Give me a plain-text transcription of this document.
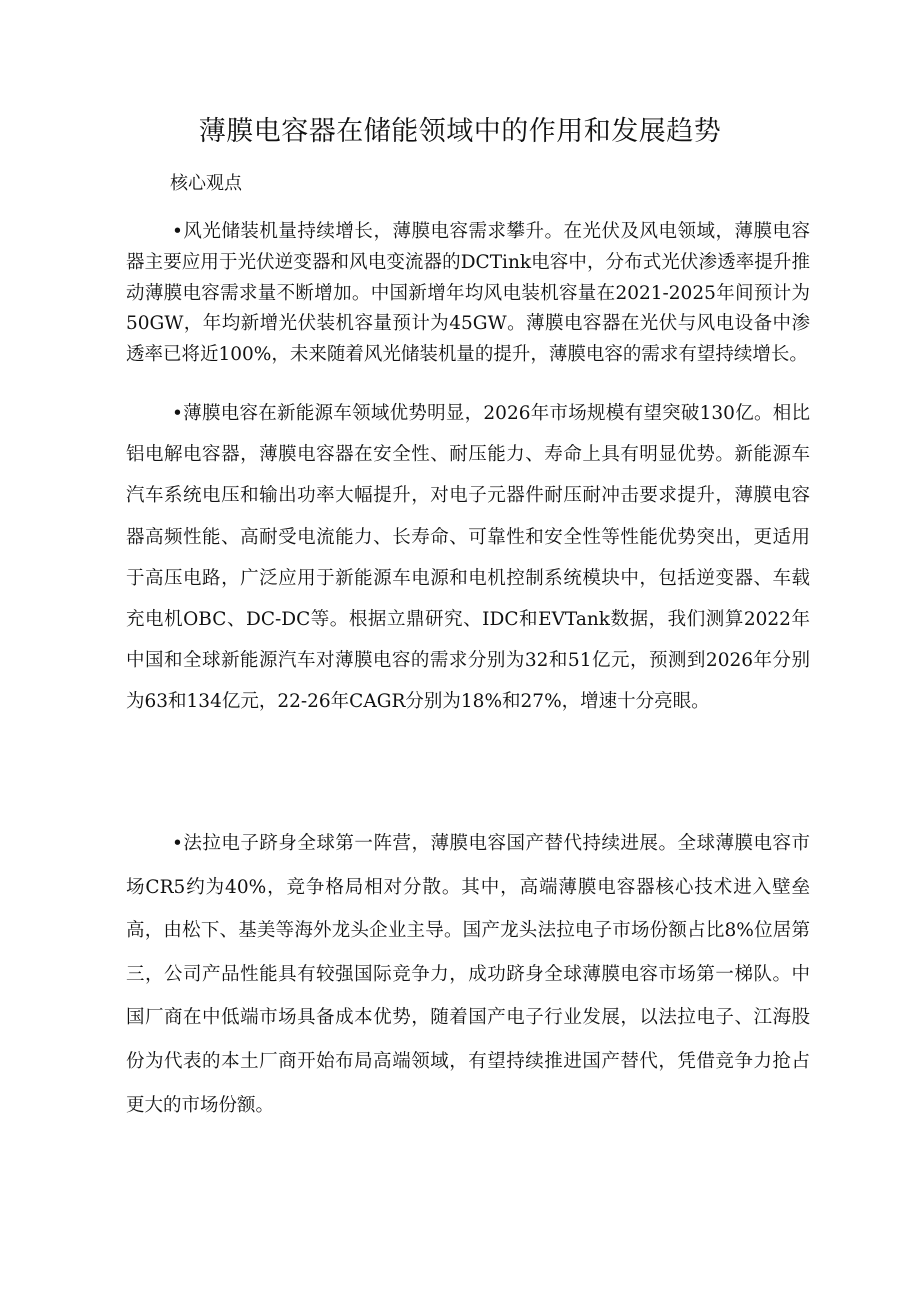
薄膜电容器在储能领域中的作用和发展趋势

核心观点

•风光储装机量持续增长，薄膜电容需求攀升。在光伏及风电领域，薄膜电容器主要应用于光伏逆变器和风电变流器的DCTink电容中，分布式光伏渗透率提升推动薄膜电容需求量不断增加。中国新增年均风电装机容量在2021-2025年间预计为50GW，年均新增光伏装机容量预计为45GW。薄膜电容器在光伏与风电设备中渗透率已将近100%，未来随着风光储装机量的提升，薄膜电容的需求有望持续增长。

•薄膜电容在新能源车领域优势明显，2026年市场规模有望突破130亿。相比铝电解电容器，薄膜电容器在安全性、耐压能力、寿命上具有明显优势。新能源车汽车系统电压和输出功率大幅提升，对电子元器件耐压耐冲击要求提升，薄膜电容器高频性能、高耐受电流能力、长寿命、可靠性和安全性等性能优势突出，更适用于高压电路，广泛应用于新能源车电源和电机控制系统模块中，包括逆变器、车载充电机OBC、DC-DC等。根据立鼎研究、IDC和EVTank数据，我们测算2022年中国和全球新能源汽车对薄膜电容的需求分别为32和51亿元，预测到2026年分别为63和134亿元，22-26年CAGR分别为18%和27%，增速十分亮眼。

•法拉电子跻身全球第一阵营，薄膜电容国产替代持续进展。全球薄膜电容市场CR5约为40%，竞争格局相对分散。其中，高端薄膜电容器核心技术进入壁垒高，由松下、基美等海外龙头企业主导。国产龙头法拉电子市场份额占比8%位居第三，公司产品性能具有较强国际竞争力，成功跻身全球薄膜电容市场第一梯队。中国厂商在中低端市场具备成本优势，随着国产电子行业发展，以法拉电子、江海股份为代表的本土厂商开始布局高端领域，有望持续推进国产替代，凭借竞争力抢占更大的市场份额。
